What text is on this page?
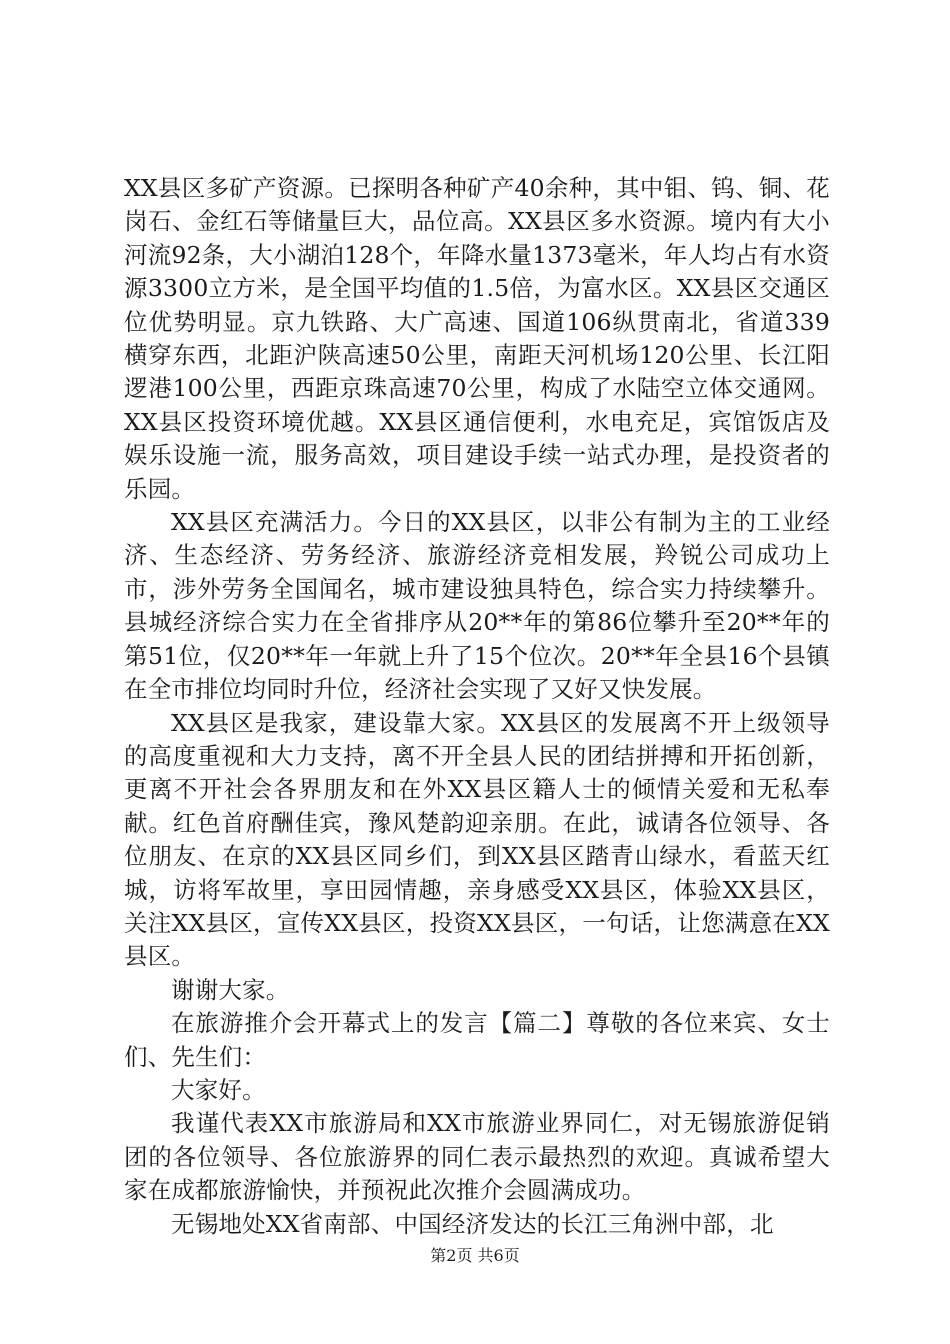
XX县区多矿产资源。已探明各种矿产40余种，其中钼、钨、铜、花岗石、金红石等储量巨大，品位高。XX县区多水资源。境内有大小河流92条，大小湖泊128个，年降水量1373毫米，年人均占有水资源3300立方米，是全国平均值的1.5倍，为富水区。XX县区交通区位优势明显。京九铁路、大广高速、国道106纵贯南北，省道339横穿东西，北距沪陕高速50公里，南距天河机场120公里、长江阳逻港100公里，西距京珠高速70公里，构成了水陆空立体交通网。XX县区投资环境优越。XX县区通信便利，水电充足，宾馆饭店及娱乐设施一流，服务高效，项目建设手续一站式办理，是投资者的乐园。

XX县区充满活力。今日的XX县区，以非公有制为主的工业经济、生态经济、劳务经济、旅游经济竞相发展，羚锐公司成功上市，涉外劳务全国闻名，城市建设独具特色，综合实力持续攀升。县城经济综合实力在全省排序从20**年的第86位攀升至20**年的第51位，仅20**年一年就上升了15个位次。20**年全县16个县镇在全市排位均同时升位，经济社会实现了又好又快发展。

XX县区是我家，建设靠大家。XX县区的发展离不开上级领导的高度重视和大力支持，离不开全县人民的团结拼搏和开拓创新，更离不开社会各界朋友和在外XX县区籍人士的倾情关爱和无私奉献。红色首府酬佳宾，豫风楚韵迎亲朋。在此，诚请各位领导、各位朋友、在京的XX县区同乡们，到XX县区踏青山绿水，看蓝天红城，访将军故里，享田园情趣，亲身感受XX县区，体验XX县区，关注XX县区，宣传XX县区，投资XX县区，一句话，让您满意在XX县区。

谢谢大家。

在旅游推介会开幕式上的发言【篇二】尊敬的各位来宾、女士们、先生们：

大家好。

我谨代表XX市旅游局和XX市旅游业界同仁，对无锡旅游促销团的各位领导、各位旅游界的同仁表示最热烈的欢迎。真诚希望大家在成都旅游愉快，并预祝此次推介会圆满成功。

无锡地处XX省南部、中国经济发达的长江三角洲中部，北

第2页 共6页
